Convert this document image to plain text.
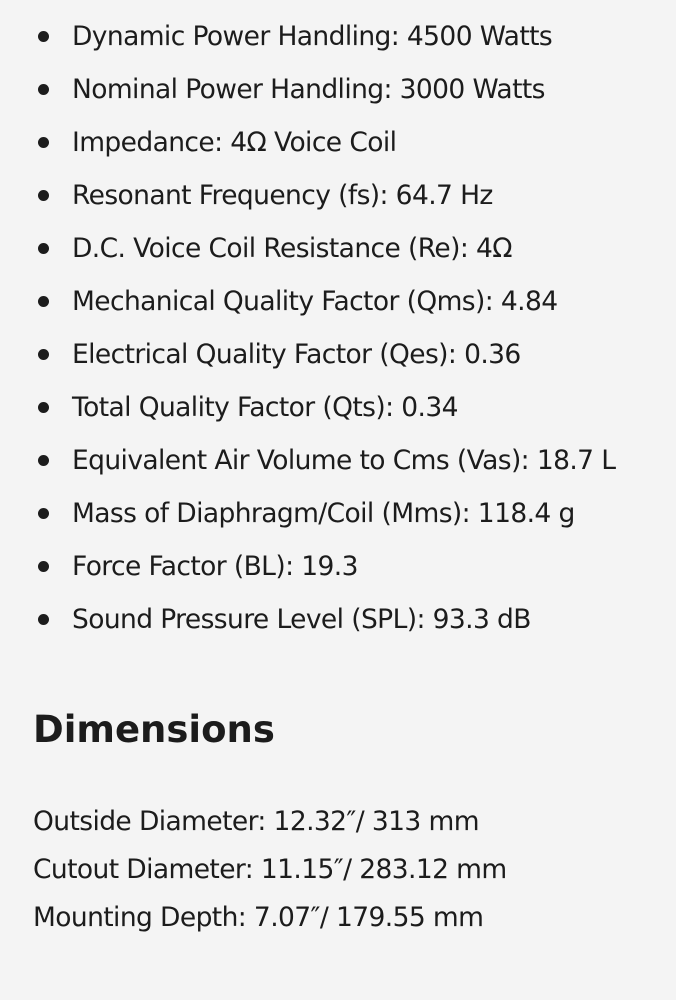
Dynamic Power Handling: 4500 Watts
Nominal Power Handling: 3000 Watts
Impedance: 4Ω Voice Coil
Resonant Frequency (fs): 64.7 Hz
D.C. Voice Coil Resistance (Re): 4Ω
Mechanical Quality Factor (Qms): 4.84
Electrical Quality Factor (Qes): 0.36
Total Quality Factor (Qts): 0.34
Equivalent Air Volume to Cms (Vas): 18.7 L
Mass of Diaphragm/Coil (Mms): 118.4 g
Force Factor (BL): 19.3
Sound Pressure Level (SPL): 93.3 dB
Dimensions
Outside Diameter: 12.32″/ 313 mm
Cutout Diameter: 11.15″/ 283.12 mm
Mounting Depth: 7.07″/ 179.55 mm
